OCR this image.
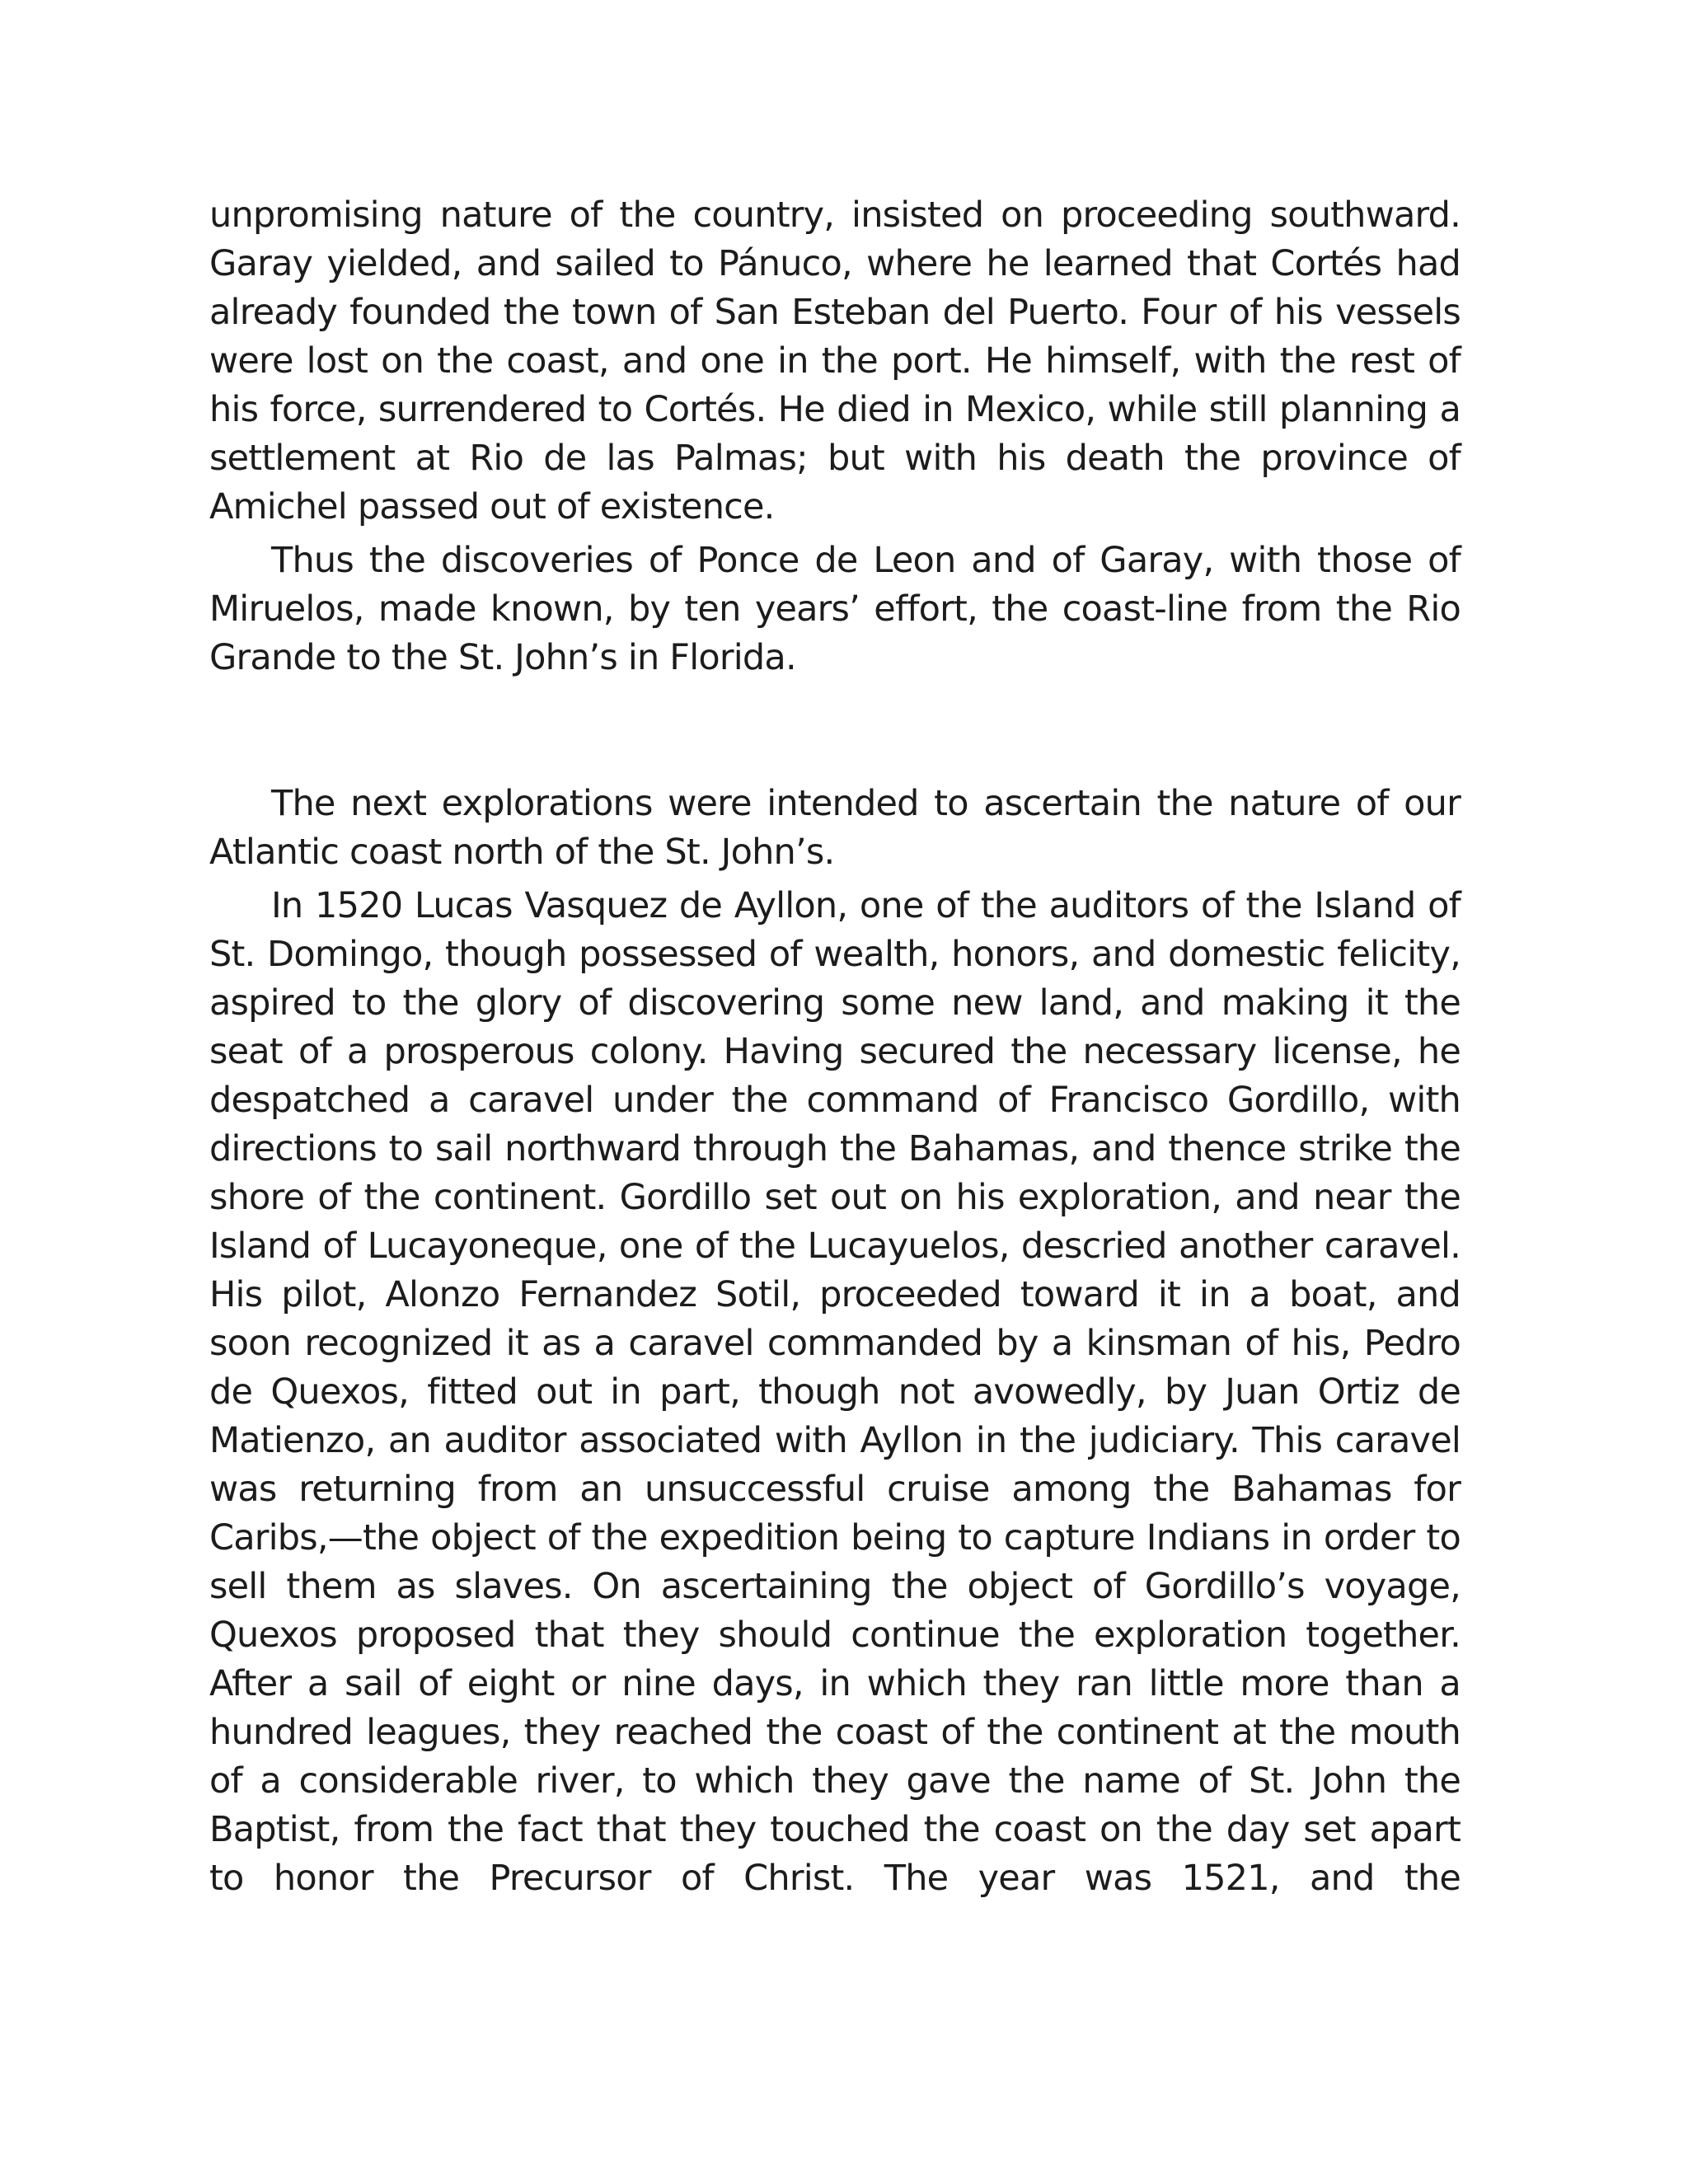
unpromising nature of the country, insisted on proceeding southward. Garay yielded, and sailed to Pánuco, where he learned that Cortés had already founded the town of San Esteban del Puerto. Four of his vessels were lost on the coast, and one in the port. He himself, with the rest of his force, surrendered to Cortés. He died in Mexico, while still planning a settlement at Rio de las Palmas; but with his death the province of Amichel passed out of existence.

Thus the discoveries of Ponce de Leon and of Garay, with those of Miruelos, made known, by ten years’ effort, the coast-line from the Rio Grande to the St. John’s in Florida.

The next explorations were intended to ascertain the nature of our Atlantic coast north of the St. John’s.

In 1520 Lucas Vasquez de Ayllon, one of the auditors of the Island of St. Domingo, though possessed of wealth, honors, and domestic felicity, aspired to the glory of discovering some new land, and making it the seat of a prosperous colony. Having secured the necessary license, he despatched a caravel under the command of Francisco Gordillo, with directions to sail northward through the Bahamas, and thence strike the shore of the continent. Gordillo set out on his exploration, and near the Island of Lucayoneque, one of the Lucayuelos, descried another caravel. His pilot, Alonzo Fernandez Sotil, proceeded toward it in a boat, and soon recognized it as a caravel commanded by a kinsman of his, Pedro de Quexos, fitted out in part, though not avowedly, by Juan Ortiz de Matienzo, an auditor associated with Ayllon in the judiciary. This caravel was returning from an unsuccessful cruise among the Bahamas for Caribs,—the object of the expedition being to capture Indians in order to sell them as slaves. On ascertaining the object of Gordillo’s voyage, Quexos proposed that they should continue the exploration together. After a sail of eight or nine days, in which they ran little more than a hundred leagues, they reached the coast of the continent at the mouth of a considerable river, to which they gave the name of St. John the Baptist, from the fact that they touched the coast on the day set apart to honor the Precursor of Christ. The year was 1521, and the
